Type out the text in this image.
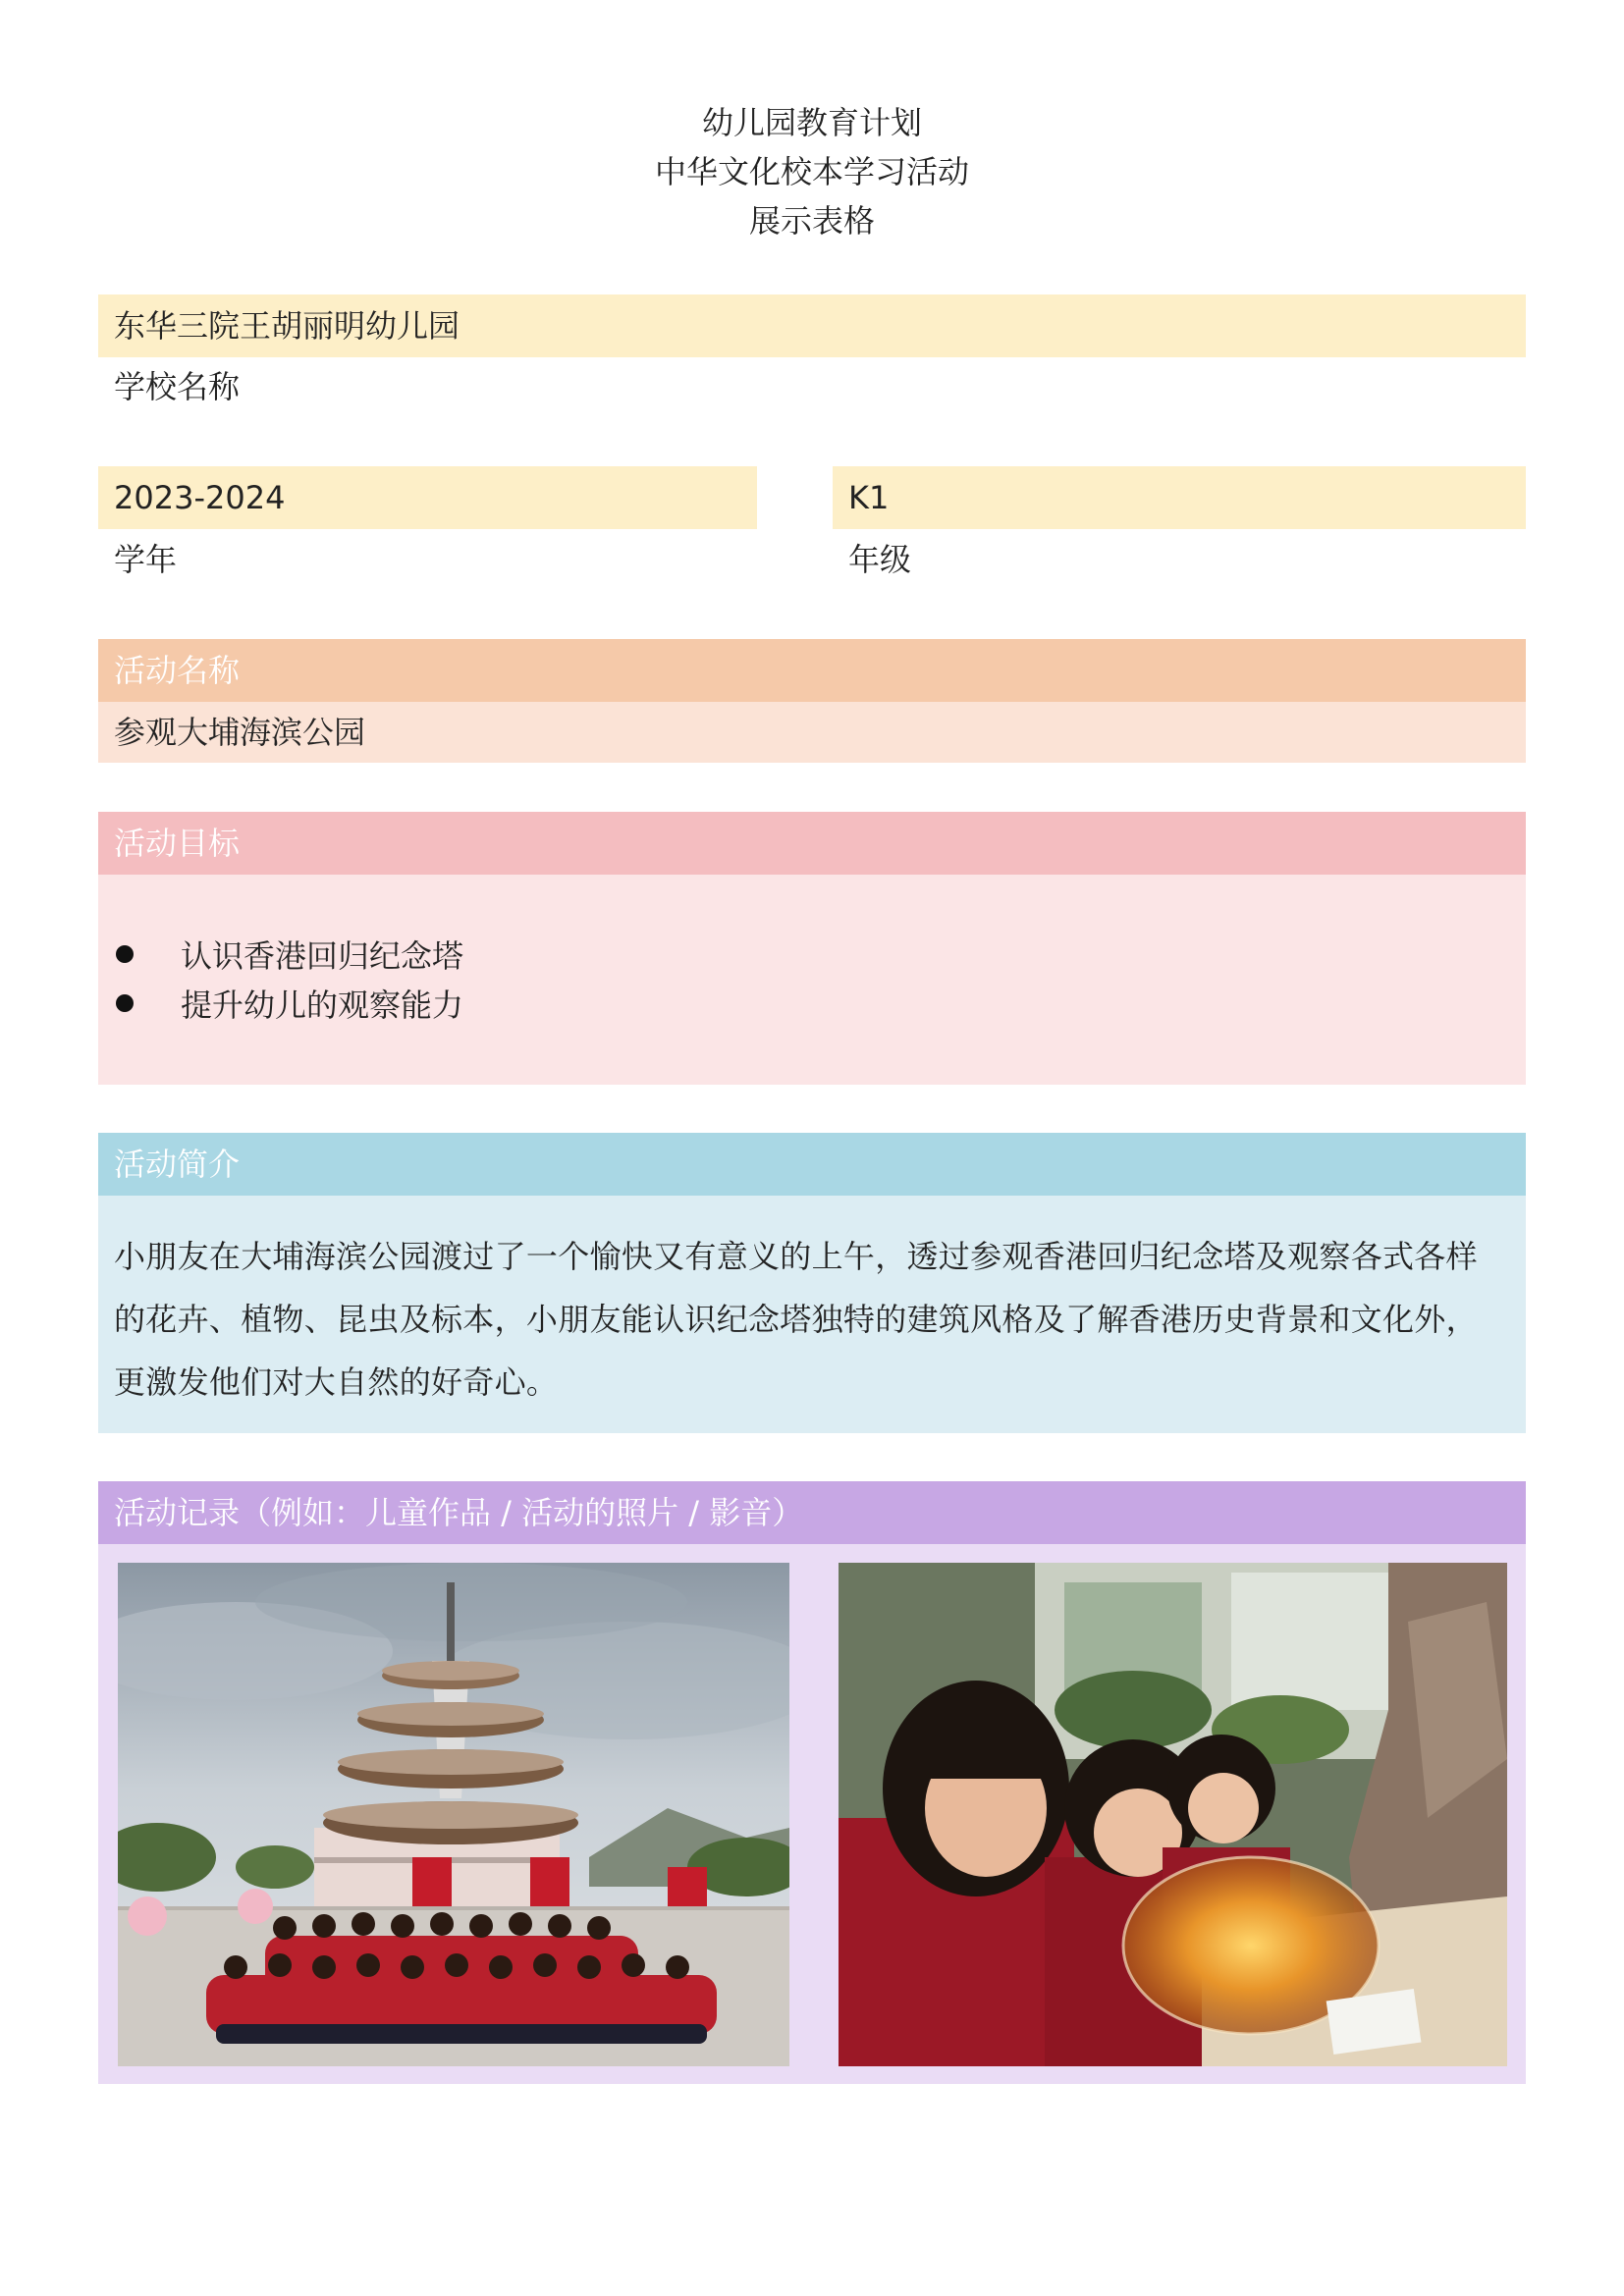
幼儿园教育计划
中华文化校本学习活动
展示表格
东华三院王胡丽明幼儿园
学校名称
2023-2024
学年
K1
年级
活动名称
参观大埔海滨公园
活动目标
认识香港回归纪念塔
提升幼儿的观察能力
活动简介
小朋友在大埔海滨公园渡过了一个愉快又有意义的上午，透过参观香港回归纪念塔及观察各式各样的花卉、植物、昆虫及标本，小朋友能认识纪念塔独特的建筑风格及了解香港历史背景和文化外，更激发他们对大自然的好奇心。
活动记录（例如：儿童作品 / 活动的照片 / 影音）
